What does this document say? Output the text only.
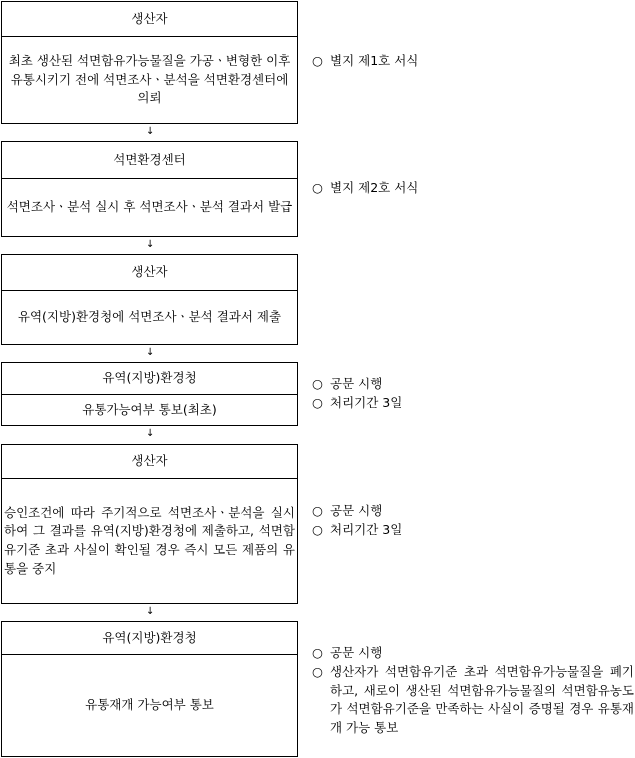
생산자
최초 생산된 석면함유가능물질을 가공ㆍ변형한 이후 유통시키기 전에 석면조사ㆍ분석을 석면환경센터에 의뢰
↓
석면환경센터
석면조사ㆍ분석 실시 후 석면조사ㆍ분석 결과서 발급
↓
생산자
유역(지방)환경청에 석면조사ㆍ분석 결과서 제출
↓
유역(지방)환경청
유통가능여부 통보(최초)
↓
생산자
승인조건에 따라 주기적으로 석면조사ㆍ분석을 실시하여 그 결과를 유역(지방)환경청에 제출하고, 석면함유기준 초과 사실이 확인될 경우 즉시 모든 제품의 유통을 중지
↓
유역(지방)환경청
유통재개 가능여부 통보
○ 별지 제1호 서식
○ 별지 제2호 서식
○ 공문 시행
○ 처리기간 3일
○ 공문 시행
○ 처리기간 3일
○ 공문 시행
○ 생산자가 석면함유기준 초과 석면함유가능물질을 폐기하고, 새로이 생산된 석면함유가능물질의 석면함유농도가 석면함유기준을 만족하는 사실이 증명될 경우 유통재개 가능 통보
